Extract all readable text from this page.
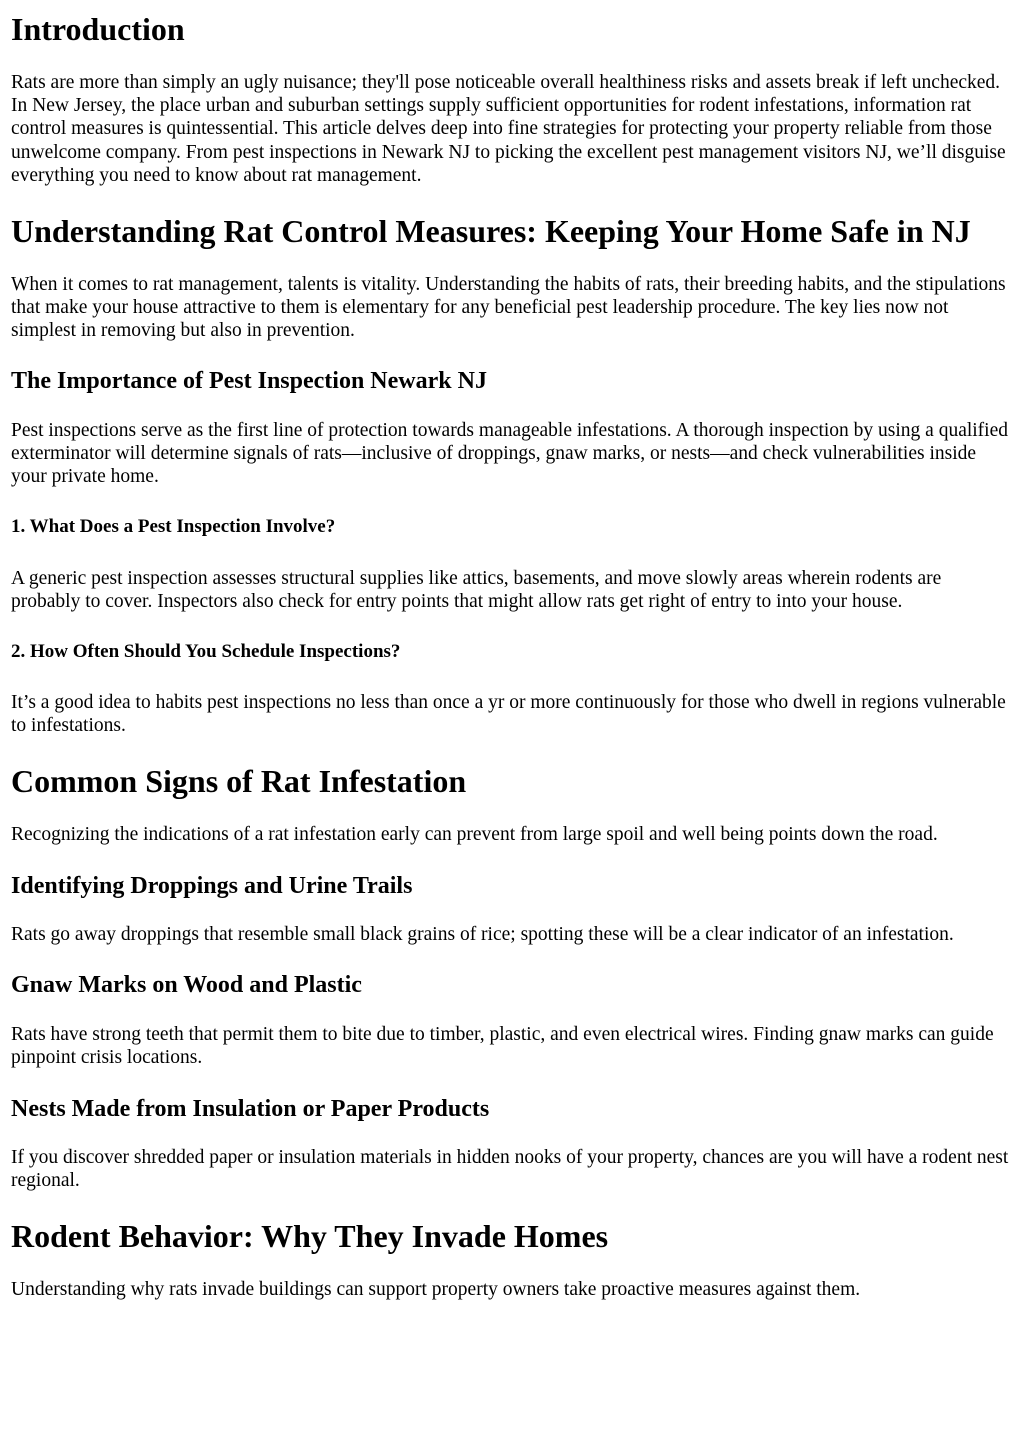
Introduction

Rats are more than simply an ugly nuisance; they'll pose noticeable overall healthiness risks and assets break if left unchecked. In New Jersey, the place urban and suburban settings supply sufficient opportunities for rodent infestations, information rat control measures is quintessential. This article delves deep into fine strategies for protecting your property reliable from those unwelcome company. From pest inspections in Newark NJ to picking the excellent pest management visitors NJ, we’ll disguise everything you need to know about rat management.

Understanding Rat Control Measures: Keeping Your Home Safe in NJ

When it comes to rat management, talents is vitality. Understanding the habits of rats, their breeding habits, and the stipulations that make your house attractive to them is elementary for any beneficial pest leadership procedure. The key lies now not simplest in removing but also in prevention.

The Importance of Pest Inspection Newark NJ

Pest inspections serve as the first line of protection towards manageable infestations. A thorough inspection by using a qualified exterminator will determine signals of rats—inclusive of droppings, gnaw marks, or nests—and check vulnerabilities inside your private home.

1. What Does a Pest Inspection Involve?

A generic pest inspection assesses structural supplies like attics, basements, and move slowly areas wherein rodents are probably to cover. Inspectors also check for entry points that might allow rats get right of entry to into your house.

2. How Often Should You Schedule Inspections?

It’s a good idea to habits pest inspections no less than once a yr or more continuously for those who dwell in regions vulnerable to infestations.

Common Signs of Rat Infestation

Recognizing the indications of a rat infestation early can prevent from large spoil and well being points down the road.

Identifying Droppings and Urine Trails

Rats go away droppings that resemble small black grains of rice; spotting these will be a clear indicator of an infestation.

Gnaw Marks on Wood and Plastic

Rats have strong teeth that permit them to bite due to timber, plastic, and even electrical wires. Finding gnaw marks can guide pinpoint crisis locations.

Nests Made from Insulation or Paper Products

If you discover shredded paper or insulation materials in hidden nooks of your property, chances are you will have a rodent nest regional.

Rodent Behavior: Why They Invade Homes

Understanding why rats invade buildings can support property owners take proactive measures against them.
